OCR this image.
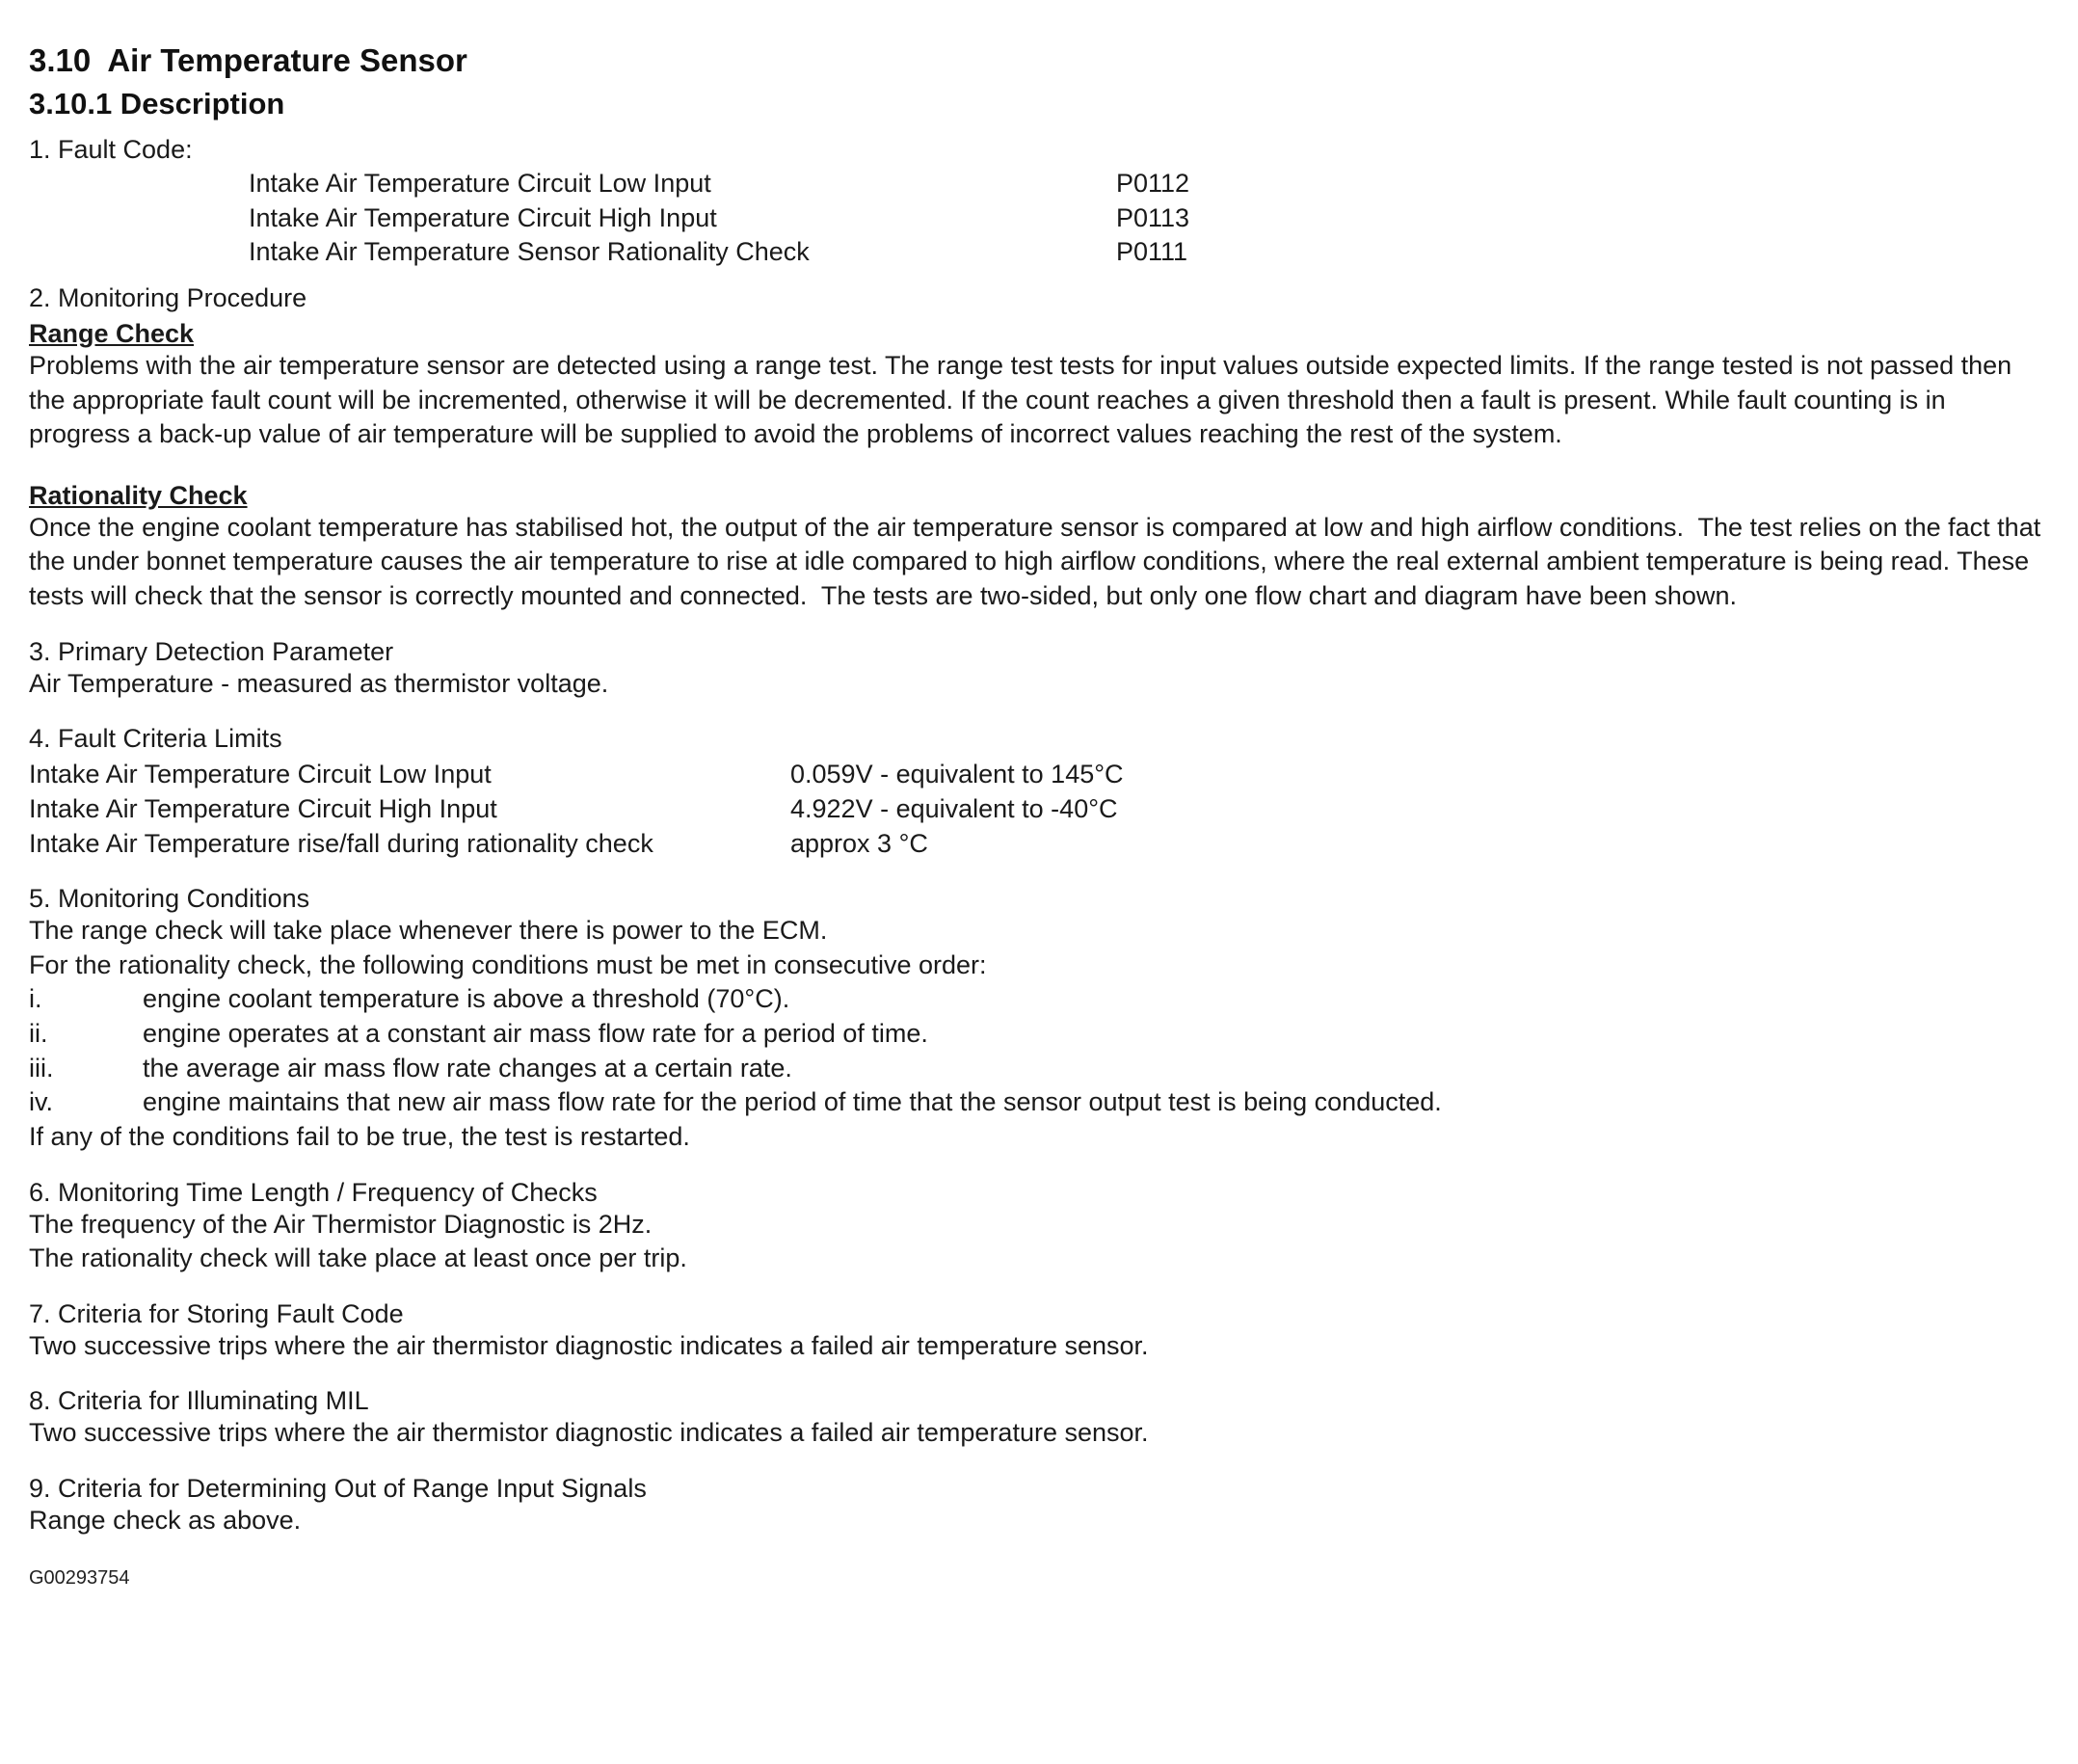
3.10  Air Temperature Sensor
3.10.1 Description
1. Fault Code:
Intake Air Temperature Circuit Low Input	P0112
Intake Air Temperature Circuit High Input	P0113
Intake Air Temperature Sensor Rationality Check	P0111
2. Monitoring Procedure
Range Check
Problems with the air temperature sensor are detected using a range test. The range test tests for input values outside expected limits. If the range tested is not passed then the appropriate fault count will be incremented, otherwise it will be decremented. If the count reaches a given threshold then a fault is present. While fault counting is in progress a back-up value of air temperature will be supplied to avoid the problems of incorrect values reaching the rest of the system.
Rationality Check
Once the engine coolant temperature has stabilised hot, the output of the air temperature sensor is compared at low and high airflow conditions.  The test relies on the fact that the under bonnet temperature causes the air temperature to rise at idle compared to high airflow conditions, where the real external ambient temperature is being read. These tests will check that the sensor is correctly mounted and connected.  The tests are two-sided, but only one flow chart and diagram have been shown.
3. Primary Detection Parameter
Air Temperature - measured as thermistor voltage.
4. Fault Criteria Limits
Intake Air Temperature Circuit Low Input	0.059V - equivalent to 145°C
Intake Air Temperature Circuit High Input	4.922V - equivalent to -40°C
Intake Air Temperature rise/fall during rationality check	approx 3 °C
5. Monitoring Conditions
The range check will take place whenever there is power to the ECM.
For the rationality check, the following conditions must be met in consecutive order:
i.	engine coolant temperature is above a threshold (70°C).
ii.	engine operates at a constant air mass flow rate for a period of time.
iii.	the average air mass flow rate changes at a certain rate.
iv.	engine maintains that new air mass flow rate for the period of time that the sensor output test is being conducted.
If any of the conditions fail to be true, the test is restarted.
6. Monitoring Time Length / Frequency of Checks
The frequency of the Air Thermistor Diagnostic is 2Hz.
The rationality check will take place at least once per trip.
7. Criteria for Storing Fault Code
Two successive trips where the air thermistor diagnostic indicates a failed air temperature sensor.
8. Criteria for Illuminating MIL
Two successive trips where the air thermistor diagnostic indicates a failed air temperature sensor.
9. Criteria for Determining Out of Range Input Signals
Range check as above.
G00293754
